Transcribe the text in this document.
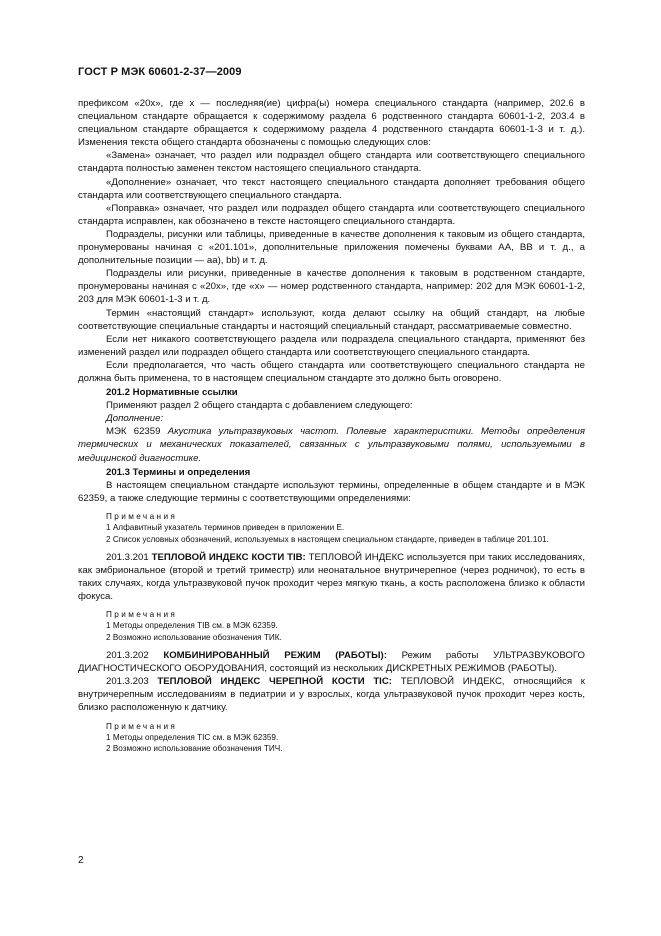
ГОСТ Р МЭК 60601-2-37—2009

префиксом «20х», где х — последняя(ие) цифра(ы) номера специального стандарта (например, 202.6 в специальном стандарте обращается к содержимому раздела 6 родственного стандарта 60601-1-2, 203.4 в специальном стандарте обращается к содержимому раздела 4 родственного стандарта 60601-1-3 и т. д.). Изменения текста общего стандарта обозначены с помощью следующих слов:

«Замена» означает, что раздел или подраздел общего стандарта или соответствующего специального стандарта полностью заменен текстом настоящего специального стандарта.

«Дополнение» означает, что текст настоящего специального стандарта дополняет требования общего стандарта или соответствующего специального стандарта.

«Поправка» означает, что раздел или подраздел общего стандарта или соответствующего специального стандарта исправлен, как обозначено в тексте настоящего специального стандарта.

Подразделы, рисунки или таблицы, приведенные в качестве дополнения к таковым из общего стандарта, пронумерованы начиная с «201.101», дополнительные приложения помечены буквами АА, ВВ и т. д., а дополнительные позиции — аа), bb) и т. д.

Подразделы или рисунки, приведенные в качестве дополнения к таковым в родственном стандарте, пронумерованы начиная с «20х», где «х» — номер родственного стандарта, например: 202 для МЭК 60601-1-2, 203 для МЭК 60601-1-3 и т. д.

Термин «настоящий стандарт» используют, когда делают ссылку на общий стандарт, на любые соответствующие специальные стандарты и настоящий специальный стандарт, рассматриваемые совместно.

Если нет никакого соответствующего раздела или подраздела специального стандарта, применяют без изменений раздел или подраздел общего стандарта или соответствующего специального стандарта.

Если предполагается, что часть общего стандарта или соответствующего специального стандарта не должна быть применена, то в настоящем специальном стандарте это должно быть оговорено.

201.2 Нормативные ссылки

Применяют раздел 2 общего стандарта с добавлением следующего:

Дополнение:

МЭК 62359 Акустика ультразвуковых частот. Полевые характеристики. Методы определения термических и механических показателей, связанных с ультразвуковыми полями, используемыми в медицинской диагностике.

201.3 Термины и определения

В настоящем специальном стандарте используют термины, определенные в общем стандарте и в МЭК 62359, а также следующие термины с соответствующими определениями:

Примечания

1 Алфавитный указатель терминов приведен в приложении Е.

2 Список условных обозначений, используемых в настоящем специальном стандарте, приведен в таблице 201.101.

201.3.201 ТЕПЛОВОЙ ИНДЕКС КОСТИ TIB: ТЕПЛОВОЙ ИНДЕКС используется при таких исследованиях, как эмбриональное (второй и третий триместр) или неонатальное внутричерепное (через родничок), то есть в таких случаях, когда ультразвуковой пучок проходит через мягкую ткань, а кость расположена близко к области фокуса.

Примечания

1 Методы определения TIB см. в МЭК 62359.

2 Возможно использование обозначения ТИК.

201.3.202 КОМБИНИРОВАННЫЙ РЕЖИМ (РАБОТЫ): Режим работы УЛЬТРАЗВУКОВОГО ДИАГНОСТИЧЕСКОГО ОБОРУДОВАНИЯ, состоящий из нескольких ДИСКРЕТНЫХ РЕЖИМОВ (РАБОТЫ).

201.3.203 ТЕПЛОВОЙ ИНДЕКС ЧЕРЕПНОЙ КОСТИ TIC: ТЕПЛОВОЙ ИНДЕКС, относящийся к внутричерепным исследованиям в педиатрии и у взрослых, когда ультразвуковой пучок проходит через кость, близко расположенную к датчику.

Примечания

1 Методы определения TIC см. в МЭК 62359.

2 Возможно использование обозначения ТИЧ.

2
